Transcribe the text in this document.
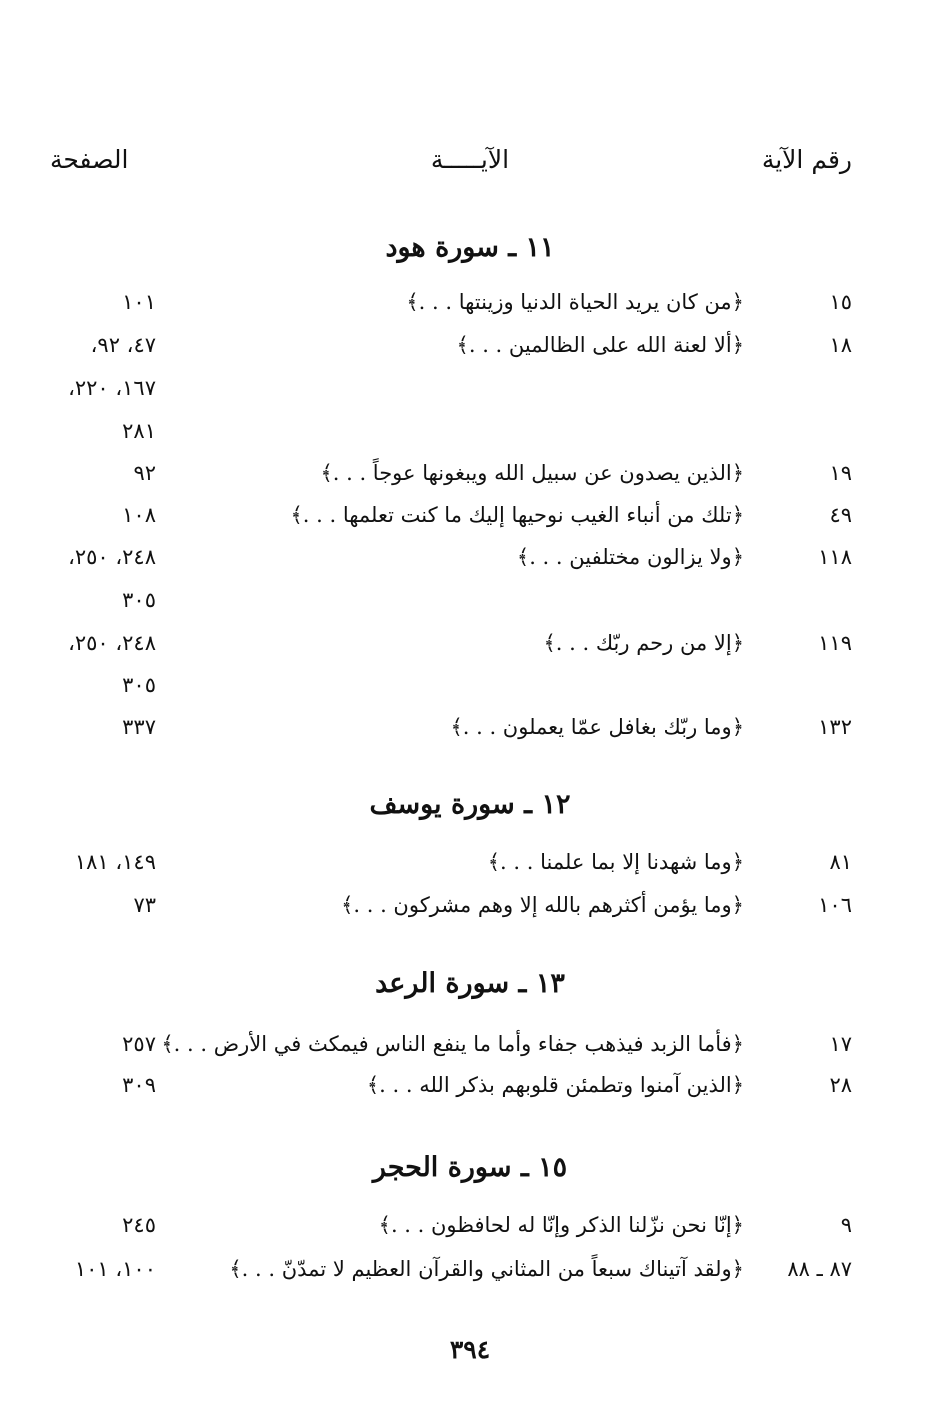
رقم الآية
الآيـــــة
الصفحة
١١ ـ سورة هود
١٥
﴿من كان يريد الحياة الدنيا وزينتها . . .﴾
١٠١
١٨
﴿ألا لعنة الله على الظالمين . . .﴾
٤٧، ٩٢،
١٦٧، ٢٢٠،
٢٨١
١٩
﴿الذين يصدون عن سبيل الله ويبغونها عوجاً . . .﴾
٩٢
٤٩
﴿تلك من أنباء الغيب نوحيها إليك ما كنت تعلمها . . .﴾
١٠٨
١١٨
﴿ولا يزالون مختلفين . . .﴾
٢٤٨، ٢٥٠،
٣٠٥
١١٩
﴿إلا من رحم ربّك . . .﴾
٢٤٨، ٢٥٠،
٣٠٥
١٣٢
﴿وما ربّك بغافل عمّا يعملون . . .﴾
٣٣٧
١٢ ـ سورة يوسف
٨١
﴿وما شهدنا إلا بما علمنا . . .﴾
١٤٩، ١٨١
١٠٦
﴿وما يؤمن أكثرهم بالله إلا وهم مشركون . . .﴾
٧٣
١٣ ـ سورة الرعد
١٧
﴿فأما الزبد فيذهب جفاء وأما ما ينفع الناس فيمكث في الأرض . . .﴾
٢٥٧
٢٨
﴿الذين آمنوا وتطمئن قلوبهم بذكر الله . . .﴾
٣٠٩
١٥ ـ سورة الحجر
٩
﴿إنّا نحن نزّلنا الذكر وإنّا له لحافظون . . .﴾
٢٤٥
٨٧ ـ ٨٨
﴿ولقد آتيناك سبعاً من المثاني والقرآن العظيم لا تمدّنّ . . .﴾
١٠٠، ١٠١
٣٩٤
